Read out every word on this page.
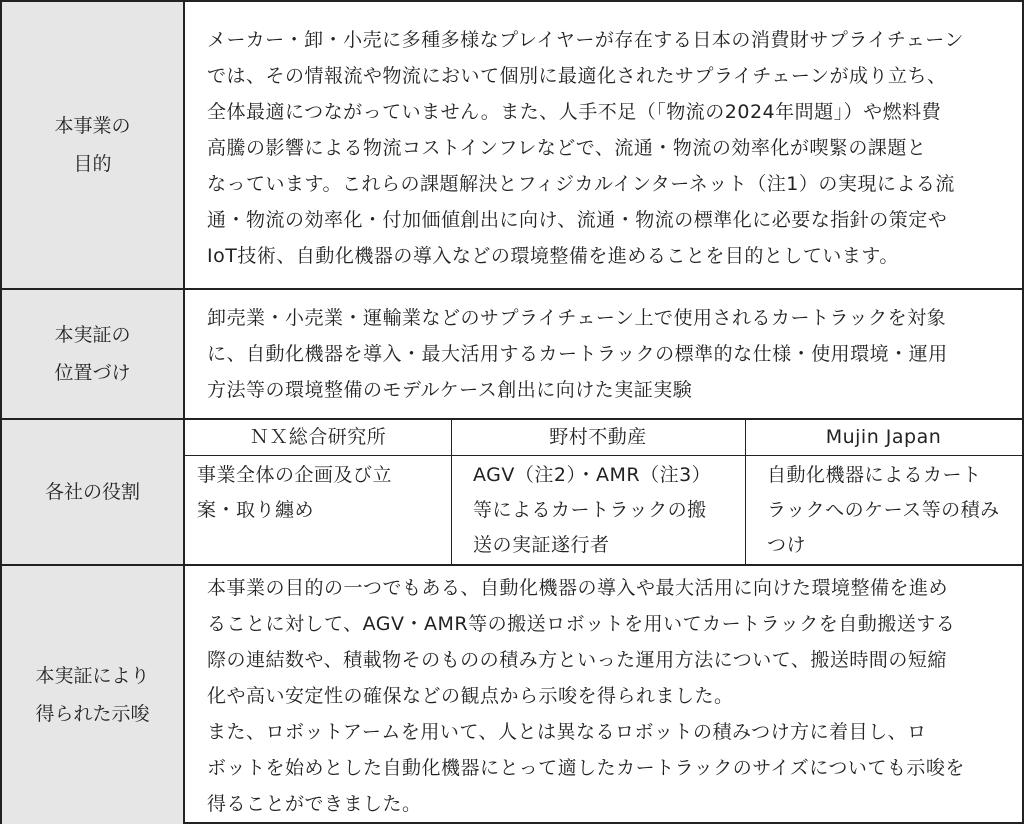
本事業の
目的
メーカー・卸・小売に多種多様なプレイヤーが存在する日本の消費財サプライチェーン
では、その情報流や物流において個別に最適化されたサプライチェーンが成り立ち、
全体最適につながっていません。また、人手不足（「物流の2024年問題」）や燃料費
高騰の影響による物流コストインフレなどで、流通・物流の効率化が喫緊の課題と
なっています。これらの課題解決とフィジカルインターネット（注1）の実現による流
通・物流の効率化・付加価値創出に向け、流通・物流の標準化に必要な指針の策定や
IoT技術、自動化機器の導入などの環境整備を進めることを目的としています。
本実証の
位置づけ
卸売業・小売業・運輸業などのサプライチェーン上で使用されるカートラックを対象
に、自動化機器を導入・最大活用するカートラックの標準的な仕様・使用環境・運用
方法等の環境整備のモデルケース創出に向けた実証実験
各社の役割
ＮＸ総合研究所	野村不動産	Mujin Japan
事業全体の企画及び立
案・取り纏め
AGV（注2）・AMR（注3）
等によるカートラックの搬
送の実証遂行者
自動化機器によるカート
ラックへのケース等の積み
つけ
本実証により
得られた示唆
本事業の目的の一つでもある、自動化機器の導入や最大活用に向けた環境整備を進め
ることに対して、AGV・AMR等の搬送ロボットを用いてカートラックを自動搬送する
際の連結数や、積載物そのものの積み方といった運用方法について、搬送時間の短縮
化や高い安定性の確保などの観点から示唆を得られました。
また、ロボットアームを用いて、人とは異なるロボットの積みつけ方に着目し、ロ
ボットを始めとした自動化機器にとって適したカートラックのサイズについても示唆を
得ることができました。
